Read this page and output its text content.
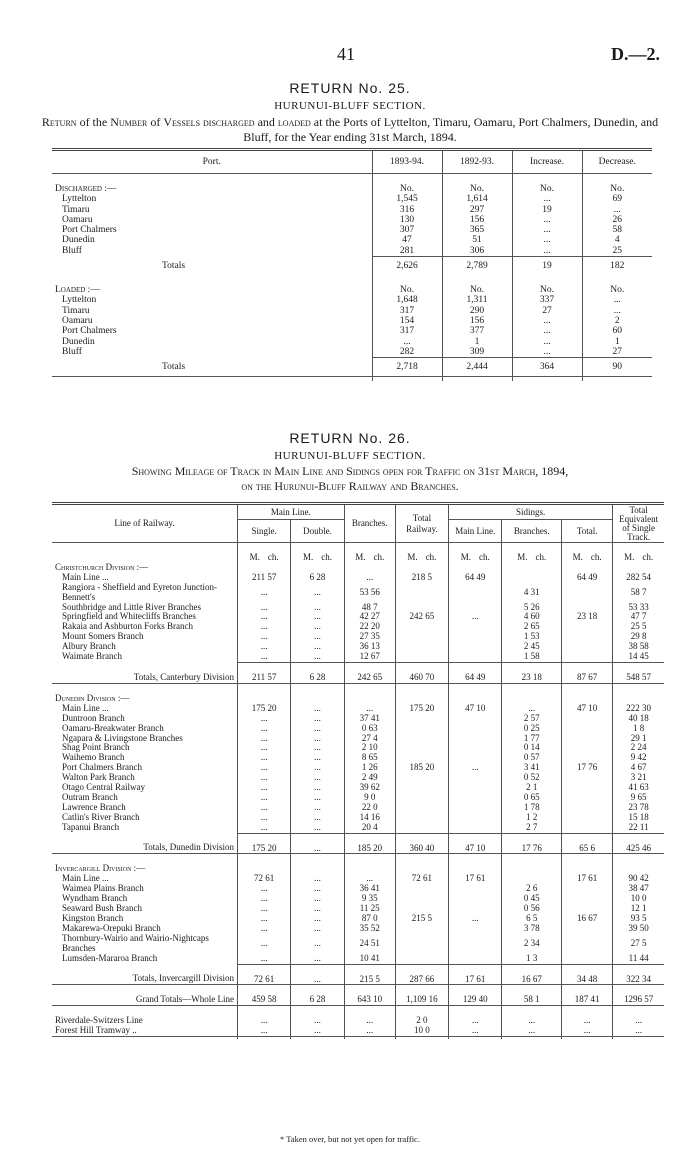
41	D.—2.
RETURN No. 25.
HURUNUI-BLUFF SECTION.
Return of the Number of Vessels discharged and loaded at the Ports of Lyttelton, Timaru, Oamaru, Port Chalmers, Dunedin, and Bluff, for the Year ending 31st March, 1894.
Port.	1893-94.	1892-93.	Increase.	Decrease.
Discharged :—	No.	No.	No.	No.
Lyttelton	1,545	1,614	...	69
Timaru	316	297	19	...
Oamaru	130	156	...	26
Port Chalmers	307	365	...	58
Dunedin	47	51	...	4
Bluff	281	306	...	25
Totals	2,626	2,789	19	182
Loaded :—	No.	No.	No.	No.
Lyttelton	1,648	1,311	337	...
Timaru	317	290	27	...
Oamaru	154	156	...	2
Port Chalmers	317	377	...	60
Dunedin	...	1	...	1
Bluff	282	309	...	27
Totals	2,718	2,444	364	90

RETURN No. 26.
HURUNUI-BLUFF SECTION.
Showing Mileage of Track in Main Line and Sidings open for Traffic on 31st March, 1894,
on the Hurunui-Bluff Railway and Branches.
Line of Railway.	Main Line.		Branches.	Total Railway.	Sidings.			Total Equivalent of Single Track.
	Single.	Double.			Main Line.	Branches.	Total.	
	M. ch.	M. ch.	M. ch.	M. ch.	M. ch.	M. ch.	M. ch.	M. ch.
Christchurch Division :—								
Main Line ...	211 57	6 28	...	218 5	64 49		64 49	282 54
Rangiora - Sheffield and Eyreton Junction-Bennett's	...	...	53 56			4 31		58 7
Southbridge and Little River Branches	...	...	48 7			5 26		53 33
Springfield and Whitecliffs Branches	...	...	42 27	242 65	...	4 60	23 18	47 7
Rakaia and Ashburton Forks Branch	...	...	22 20			2 65		25 5
Mount Somers Branch	...	...	27 35			1 53		29 8
Albury Branch	...	...	36 13			2 45		38 58
Waimate Branch	...	...	12 67			1 58		14 45
Totals, Canterbury Division	211 57	6 28	242 65	460 70	64 49	23 18	87 67	548 57
Dunedin Division :—								
Main Line ...	175 20	...	...	175 20	47 10	...	47 10	222 30
Duntroon Branch	...	...	37 41			2 57		40 18
Oamaru-Breakwater Branch	...	...	0 63			0 25		1 8
Ngapara & Livingstone Branches	...	...	27 4			1 77		29 1
Shag Point Branch	...	...	2 10			0 14		2 24
Waihemo Branch	...	...	8 65			0 57		9 42
Port Chalmers Branch	...	...	1 26	185 20	...	3 41	17 76	4 67
Walton Park Branch	...	...	2 49			0 52		3 21
Otago Central Railway	...	...	39 62			2 1		41 63
Outram Branch	...	...	9 0			0 65		9 65
Lawrence Branch	...	...	22 0			1 78		23 78
Catlin's River Branch	...	...	14 16			1 2		15 18
Tapanui Branch	...	...	20 4			2 7		22 11
Totals, Dunedin Division	175 20	...	185 20	360 40	47 10	17 76	65 6	425 46
Invercargill Division :—								
Main Line ...	72 61	...	...	72 61	17 61		17 61	90 42
Waimea Plains Branch	...	...	36 41			2 6		38 47
Wyndham Branch	...	...	9 35			0 45		10 0
Seaward Bush Branch	...	...	11 25			0 56		12 1
Kingston Branch	...	...	87 0	215 5	...	6 5	16 67	93 5
Makarewa-Orepuki Branch	...	...	35 52			3 78		39 50
Thornbury-Wairio and Wairio-Nightcaps Branches	...	...	24 51			2 34		27 5
Lumsden-Mararoa Branch	...	...	10 41			1 3		11 44
Totals, Invercargill Division	72 61	...	215 5	287 66	17 61	16 67	34 48	322 34
Grand Totals—Whole Line	459 58	6 28	643 10	1,109 16	129 40	58 1	187 41	1296 57
Riverdale-Switzers Line	...	...	...	2 0	...	...	...	...
Forest Hill Tramway ..	...	...	...	10 0	...	...	...	...

* Taken over, but not yet open for traffic.
